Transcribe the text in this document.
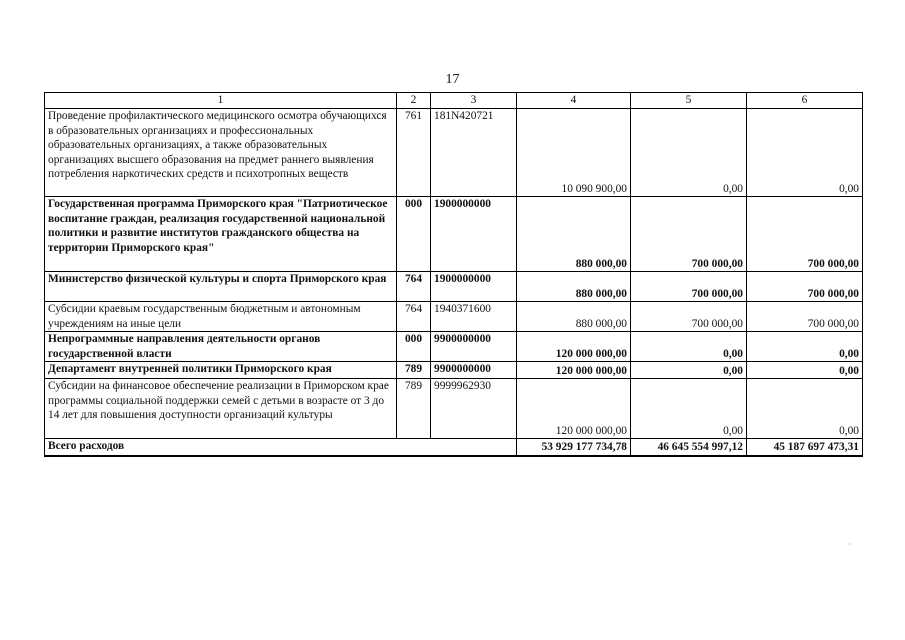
17
1	2	3	4	5	6
Проведение профилактического медицинского осмотра обучающихся в образовательных организациях и профессиональных образовательных организациях, а также образовательных организациях высшего образования на предмет раннего выявления потребления наркотических средств и психотропных веществ	761	181N420721	10 090 900,00	0,00	0,00
Государственная программа Приморского края "Патриотическое воспитание граждан, реализация государственной национальной политики и развитие институтов гражданского общества на территории Приморского края"	000	1900000000	880 000,00	700 000,00	700 000,00
Министерство физической культуры и спорта Приморского края	764	1900000000	880 000,00	700 000,00	700 000,00
Субсидии краевым государственным бюджетным и автономным учреждениям на иные цели	764	1940371600	880 000,00	700 000,00	700 000,00
Непрограммные направления деятельности органов государственной власти	000	9900000000	120 000 000,00	0,00	0,00
Департамент внутренней политики Приморского края	789	9900000000	120 000 000,00	0,00	0,00
Субсидии на финансовое обеспечение реализации в Приморском крае программы социальной поддержки семей с детьми в возрасте от 3 до 14 лет для повышения доступности организаций культуры	789	9999962930	120 000 000,00	0,00	0,00
Всего расходов			53 929 177 734,78	46 645 554 997,12	45 187 697 473,31
·
